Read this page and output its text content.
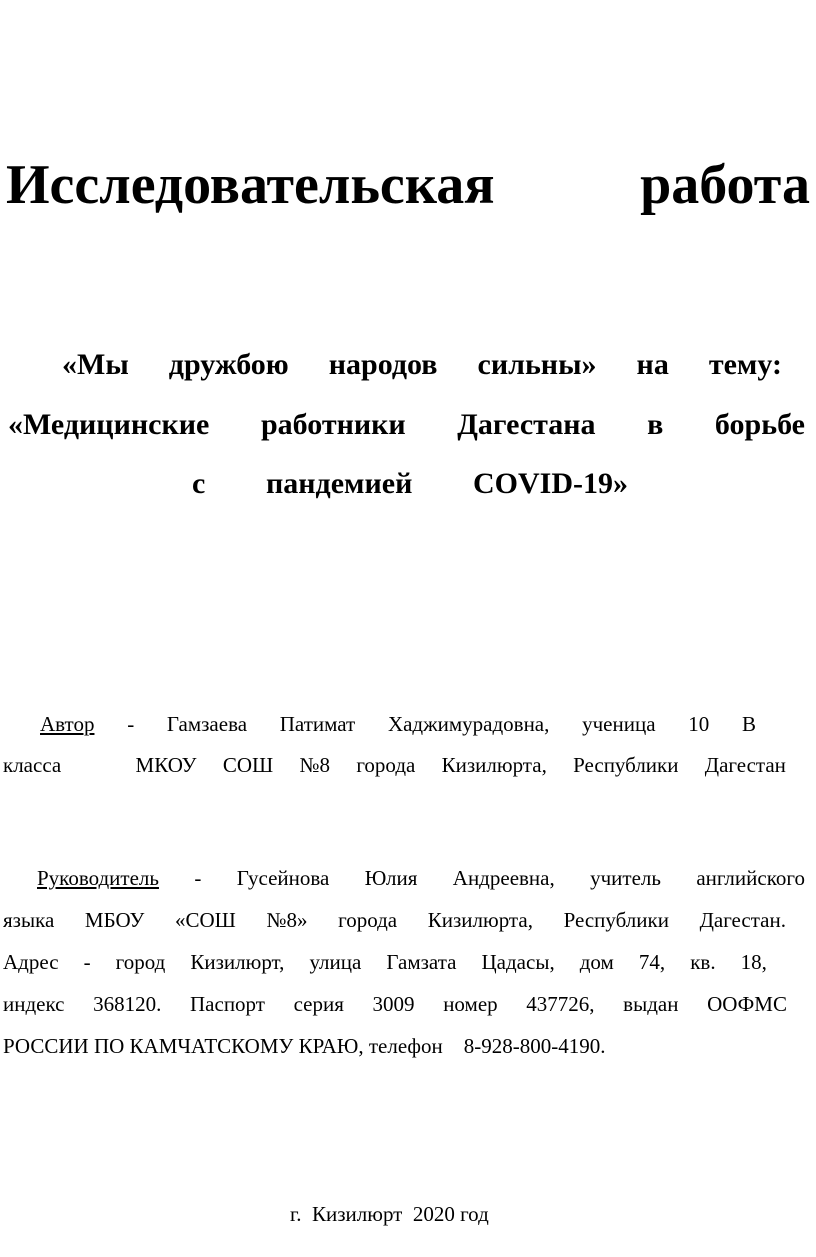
Исследовательская	работа
«Мы дружбою народов сильны» на тему:
«Медицинские работники Дагестана в борьбе
с пандемией COVID-19»
Автор - Гамзаева Патимат Хаджимурадовна, ученица 10 В
класса	МКОУ СОШ №8 города Кизилюрта, Республики Дагестан
Руководитель - Гусейнова Юлия Андреевна, учитель английского
языка МБОУ «СОШ №8» города Кизилюрта, Республики Дагестан.
Адрес - город Кизилюрт, улица Гамзата Цадасы, дом 74, кв. 18,
индекс 368120. Паспорт серия 3009 номер 437726, выдан ООФМС
РОССИИ ПО КАМЧАТСКОМУ КРАЮ, телефон    8-928-800-4190.
г.  Кизилюрт  2020 год
